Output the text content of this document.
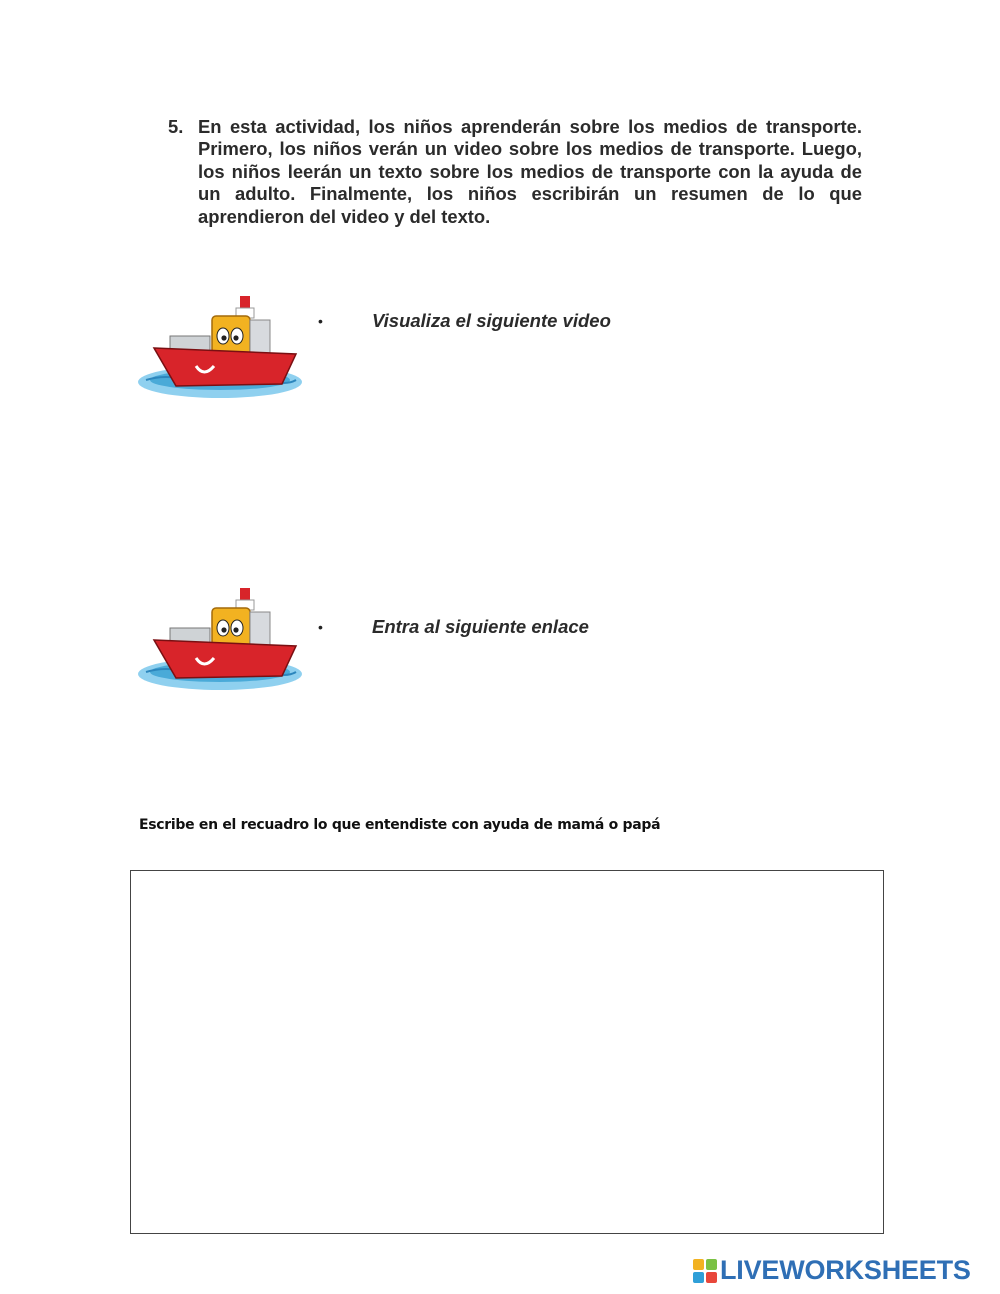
5. En esta actividad, los niños aprenderán sobre los medios de transporte. Primero, los niños verán un video sobre los medios de transporte. Luego, los niños leerán un texto sobre los medios de transporte con la ayuda de un adulto. Finalmente, los niños escribirán un resumen de lo que aprendieron del video y del texto.
•	Visualiza el siguiente video
•	Entra al siguiente enlace
Escribe en el recuadro lo que entendiste con ayuda de mamá o papá
LIVEWORKSHEETS
